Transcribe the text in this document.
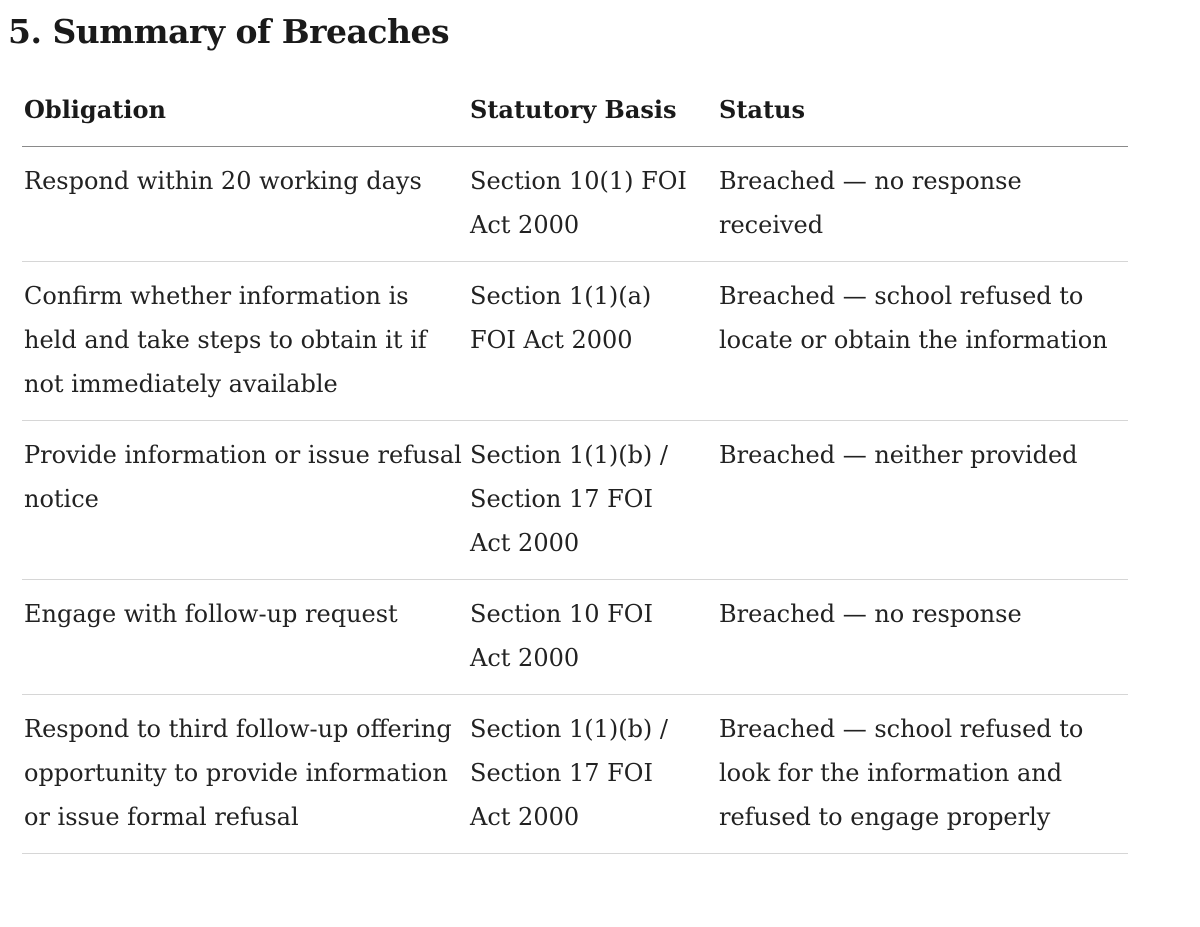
5. Summary of Breaches
Obligation	Statutory Basis	Status
Respond within 20 working days	Section 10(1) FOI Act 2000	Breached — no response received
Confirm whether information is held and take steps to obtain it if not immediately available	Section 1(1)(a) FOI Act 2000	Breached — school refused to locate or obtain the information
Provide information or issue refusal notice	Section 1(1)(b) / Section 17 FOI Act 2000	Breached — neither provided
Engage with follow-up request	Section 10 FOI Act 2000	Breached — no response
Respond to third follow-up offering opportunity to provide information or issue formal refusal	Section 1(1)(b) / Section 17 FOI Act 2000	Breached — school refused to look for the information and refused to engage properly
